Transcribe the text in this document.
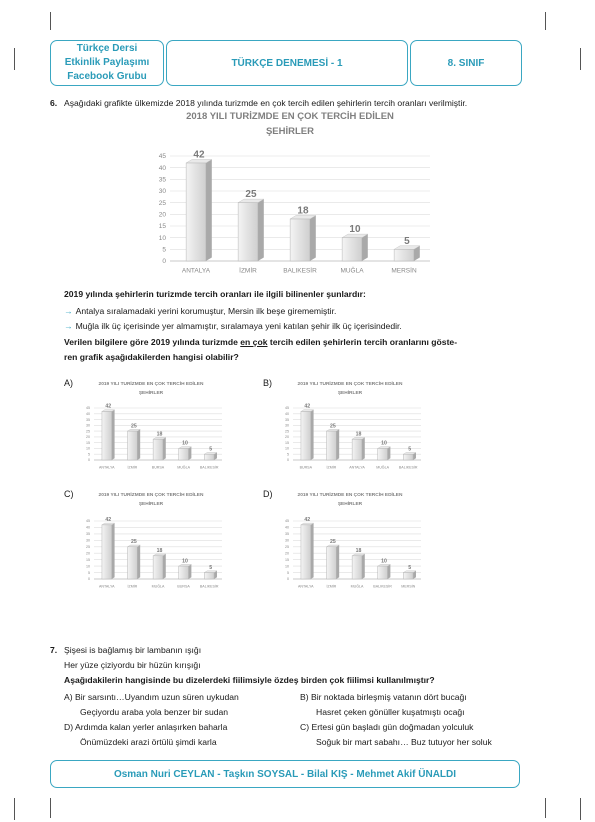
Türkçe Dersi
Etkinlik Paylaşımı
Facebook Grubu
TÜRKÇE DENEMESİ - 1	8. SINIF
6. Aşağıdaki grafikte ülkemizde 2018 yılında turizmde en çok tercih edilen şehirlerin tercih oranları verilmiştir.
2018 YILI TURİZMDE EN ÇOK TERCİH EDİLEN
ŞEHİRLER
0
5
10
15
20
25
30
35
40
45	42
ANTALYA
25
İZMİR
18
BALIKESİR
10
MUĞLA
5
MERSİN
2019 yılında şehirlerin turizmde tercih oranları ile ilgili bilinenler şunlardır:
→ Antalya sıralamadaki yerini korumuştur, Mersin ilk beşe girememiştir.
→ Muğla ilk üç içerisinde yer almamıştır, sıralamaya yeni katılan şehir ilk üç içerisindedir.
Verilen bilgilere göre 2019 yılında turizmde en çok tercih edilen şehirlerin tercih oranlarını göste-
ren grafik aşağıdakilerden hangisi olabilir?
A)	2019 YILI TURİZMDE EN ÇOK TERCİH EDİLEN
ŞEHİRLER
0
5
10
15
20
25
30
35
40
45	42
ANTALYA
25
İZMİR
18
BURSA
10
MUĞLA
5
BALIKESİR
B)	2019 YILI TURİZMDE EN ÇOK TERCİH EDİLEN
ŞEHİRLER
0
5
10
15
20
25
30
35
40
45	42
BURSA
25
İZMİR
18
ANTALYA
10
MUĞLA
5
BALIKESİR
C)	2019 YILI TURİZMDE EN ÇOK TERCİH EDİLEN
ŞEHİRLER
0
5
10
15
20
25
30
35
40
45	42
ANTALYA
25
İZMİR
18
MUĞLA
10
BURSA
5
BALIKESİR
D)	2019 YILI TURİZMDE EN ÇOK TERCİH EDİLEN
ŞEHİRLER
0
5
10
15
20
25
30
35
40
45	42
ANTALYA
25
İZMİR
18
MUĞLA
10
BALIKESİR
5
MERSİN
7. Şişesi is bağlamış bir lambanın ışığı
Her yüze çiziyordu bir hüzün kırışığı
Aşağıdakilerin hangisinde bu dizelerdeki fiilimsiyle özdeş birden çok fiilimsi kullanılmıştır?
A) Bir sarsıntı…Uyandım uzun süren uykudan
Geçiyordu araba yola benzer bir sudan
D) Ardımda kalan yerler anlaşırken baharla
B) Bir noktada birleşmiş vatanın dört bucağı
Hasret çeken gönüller kuşatmıştı ocağı
C) Ertesi gün başladı gün doğmadan yolculuk
Önümüzdeki arazi örtülü şimdi karla	Soğuk bir mart sabahı… Buz tutuyor her soluk
Osman Nuri CEYLAN - Taşkın SOYSAL - Bilal KIŞ - Mehmet Akif ÜNALDI
